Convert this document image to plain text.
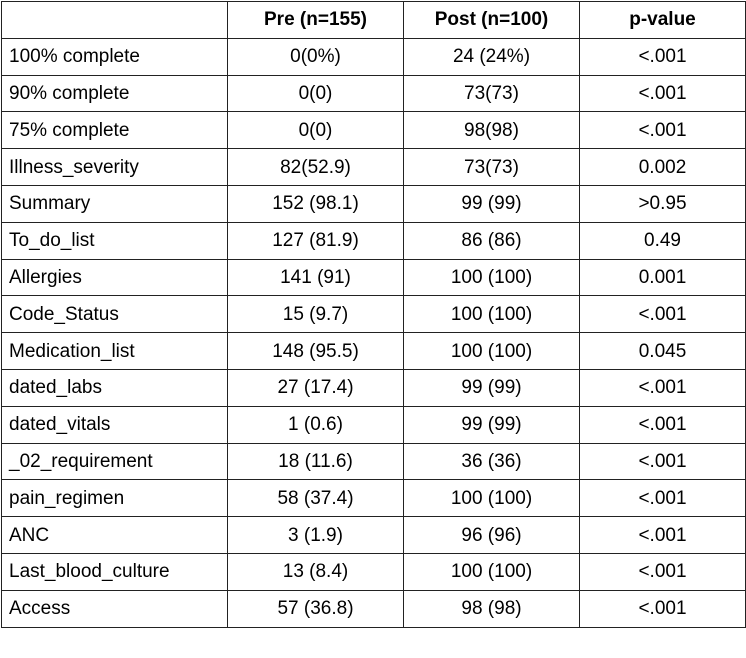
	Pre (n=155)	Post (n=100)	p-value
100% complete	0(0%)	24 (24%)	<.001
90% complete	0(0)	73(73)	<.001
75% complete	0(0)	98(98)	<.001
Illness_severity	82(52.9)	73(73)	0.002
Summary	152 (98.1)	99 (99)	>0.95
To_do_list	127 (81.9)	86 (86)	0.49
Allergies	141 (91)	100 (100)	0.001
Code_Status	15 (9.7)	100 (100)	<.001
Medication_list	148 (95.5)	100 (100)	0.045
dated_labs	27 (17.4)	99 (99)	<.001
dated_vitals	1 (0.6)	99 (99)	<.001
_02_requirement	18 (11.6)	36 (36)	<.001
pain_regimen	58 (37.4)	100 (100)	<.001
ANC	3 (1.9)	96 (96)	<.001
Last_blood_culture	13 (8.4)	100 (100)	<.001
Access	57 (36.8)	98 (98)	<.001
